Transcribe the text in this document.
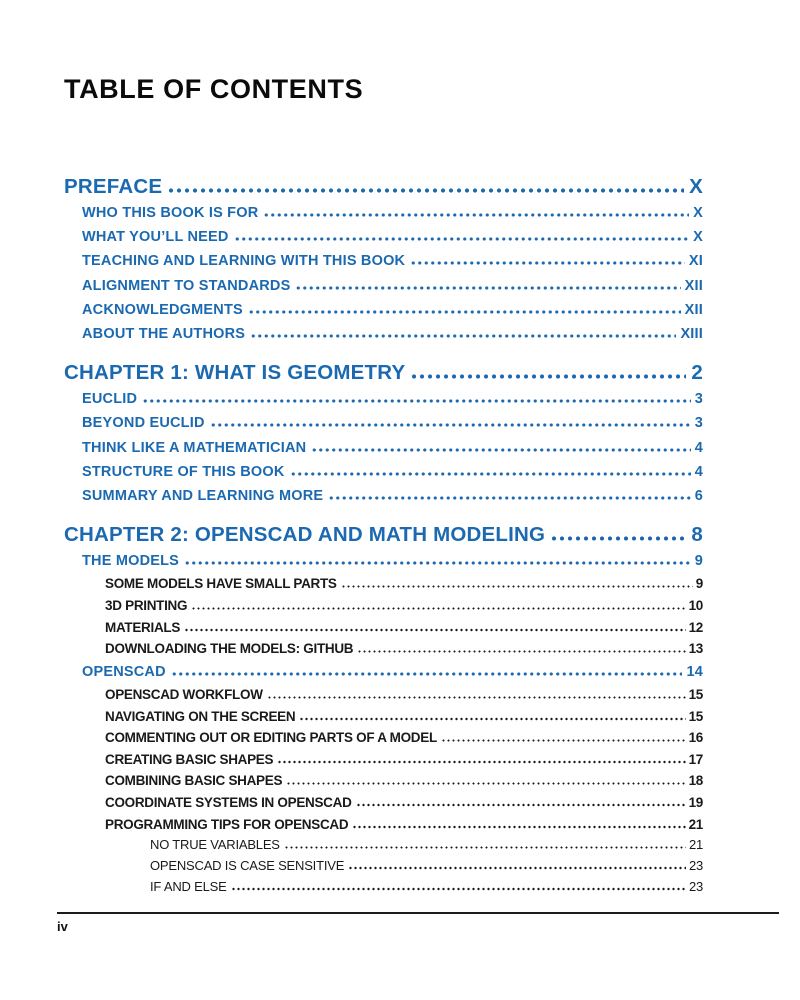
TABLE OF CONTENTS
PREFACE	X
WHO THIS BOOK IS FOR	X
WHAT YOU’LL NEED	X
TEACHING AND LEARNING WITH THIS BOOK	XI
ALIGNMENT TO STANDARDS	XII
ACKNOWLEDGMENTS	XII
ABOUT THE AUTHORS	XIII
CHAPTER 1: WHAT IS GEOMETRY	2
EUCLID	3
BEYOND EUCLID	3
THINK LIKE A MATHEMATICIAN	4
STRUCTURE OF THIS BOOK	4
SUMMARY AND LEARNING MORE	6
CHAPTER 2: OPENSCAD AND MATH MODELING	8
THE MODELS	9
SOME MODELS HAVE SMALL PARTS	9
3D PRINTING	10
MATERIALS	12
DOWNLOADING THE MODELS: GITHUB	13
OPENSCAD	14
OPENSCAD WORKFLOW	15
NAVIGATING ON THE SCREEN	15
COMMENTING OUT OR EDITING PARTS OF A MODEL	16
CREATING BASIC SHAPES	17
COMBINING BASIC SHAPES	18
COORDINATE SYSTEMS IN OPENSCAD	19
PROGRAMMING TIPS FOR OPENSCAD	21
NO TRUE VARIABLES	21
OPENSCAD IS CASE SENSITIVE	23
IF AND ELSE	23
iv
